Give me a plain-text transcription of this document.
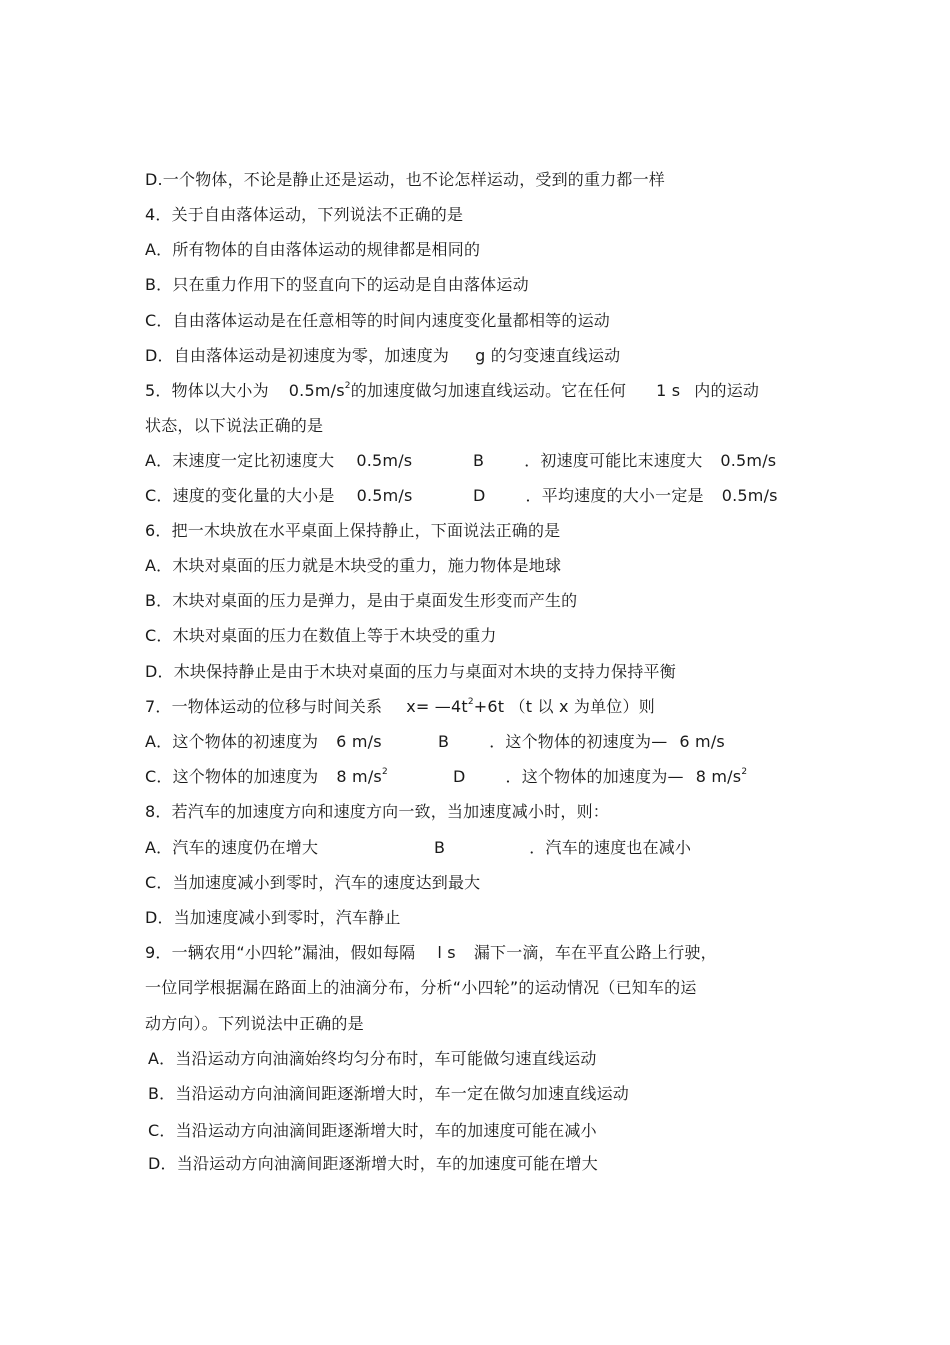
D.一个物体，不论是静止还是运动，也不论怎样运动，受到的重力都一样
4．关于自由落体运动，下列说法不正确的是
A．所有物体的自由落体运动的规律都是相同的
B．只在重力作用下的竖直向下的运动是自由落体运动
C．自由落体运动是在任意相等的时间内速度变化量都相等的运动
D．自由落体运动是初速度为零，加速度为 g 的匀变速直线运动
5．物体以大小为 $0.5m/s^2$的加速度做匀加速直线运动。它在任何 1 s 内的运动
状态，以下说法正确的是
A．末速度一定比初速度大 0.5m/s	B	．初速度可能比末速度大 0.5m/s
C．速度的变化量的大小是 0.5m/s	D	．平均速度的大小一定是 0.5m/s
6．把一木块放在水平桌面上保持静止，下面说法正确的是
A．木块对桌面的压力就是木块受的重力，施力物体是地球
B．木块对桌面的压力是弹力，是由于桌面发生形变而产生的
C．木块对桌面的压力在数值上等于木块受的重力
D．木块保持静止是由于木块对桌面的压力与桌面对木块的支持力保持平衡
7．一物体运动的位移与时间关系 $x= —4t^2+6t$ （t 以 x 为单位）则
A．这个物体的初速度为 6 m/s	B	．这个物体的初速度为— 6 m/s
C．这个物体的加速度为 8 $m/s^2$	D	．这个物体的加速度为— 8 $m/s^2$
8．若汽车的加速度方向和速度方向一致，当加速度减小时，则：
A．汽车的速度仍在增大	B	．汽车的速度也在减小
C．当加速度减小到零时，汽车的速度达到最大
D．当加速度减小到零时，汽车静止
9．一辆农用“小四轮”漏油，假如每隔 l s 漏下一滴，车在平直公路上行驶，
一位同学根据漏在路面上的油滴分布，分析“小四轮”的运动情况（已知车的运
动方向）。下列说法中正确的是
A．当沿运动方向油滴始终均匀分布时，车可能做匀速直线运动
B．当沿运动方向油滴间距逐渐增大时，车一定在做匀加速直线运动
C．当沿运动方向油滴间距逐渐增大时，车的加速度可能在减小
D．当沿运动方向油滴间距逐渐增大时，车的加速度可能在增大
